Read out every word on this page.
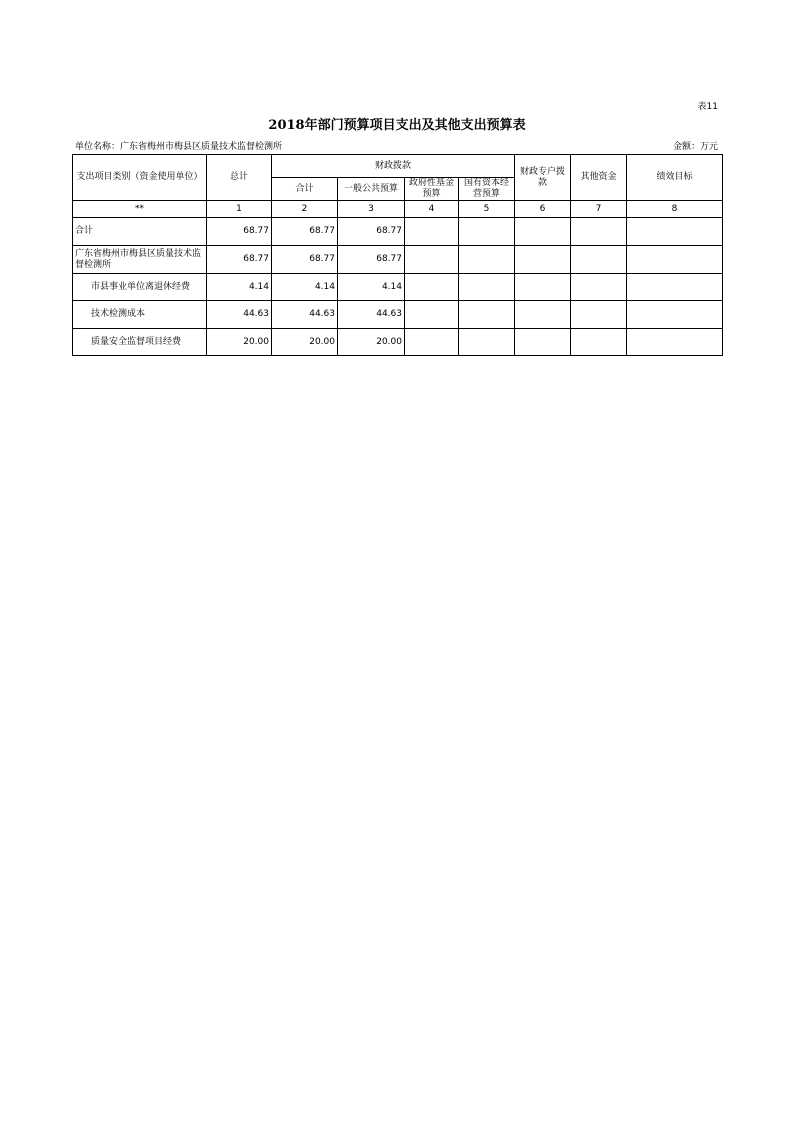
表11
2018年部门预算项目支出及其他支出预算表
单位名称：广东省梅州市梅县区质量技术监督检测所	金额：万元
支出项目类别（资金使用单位）	总计	财政拨款				财政专户拨款	其他资金	绩效目标
		合计	一般公共预算	政府性基金预算	国有资本经营预算			
**	1	2	3	4	5	6	7	8
合计	68.77	68.77	68.77					
广东省梅州市梅县区质量技术监督检测所	68.77	68.77	68.77					
市县事业单位离退休经费	4.14	4.14	4.14					
技术检测成本	44.63	44.63	44.63					
质量安全监督项目经费	20.00	20.00	20.00					
